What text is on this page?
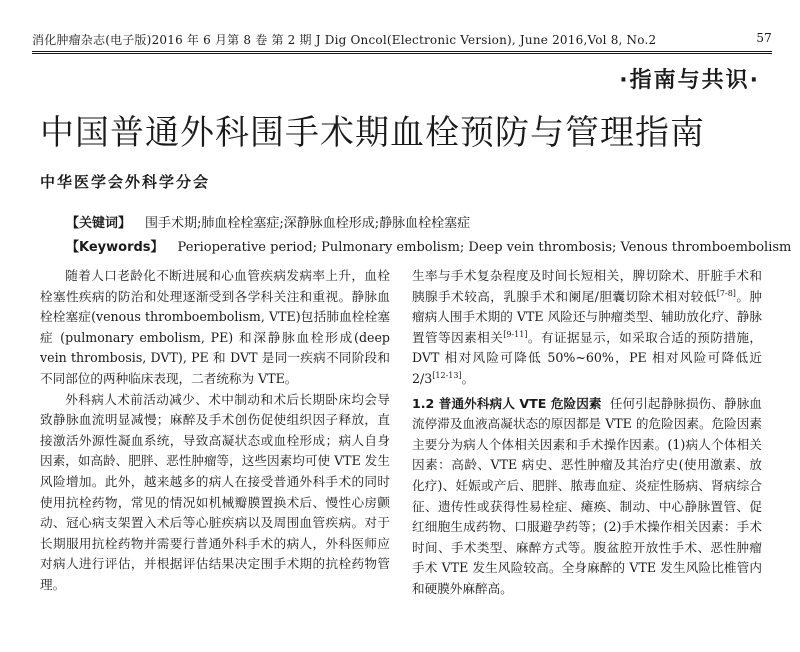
消化肿瘤杂志(电子版)2016 年 6 月第 8 卷 第 2 期 J Dig Oncol(Electronic Version), June 2016,Vol 8, No.2	57
·指南与共识·
中国普通外科围手术期血栓预防与管理指南
中华医学会外科学分会
【关键词】 围手术期;肺血栓栓塞症;深静脉血栓形成;静脉血栓栓塞症
【Keywords】 Perioperative period; Pulmonary embolism; Deep vein thrombosis; Venous thromboembolism

随着人口老龄化不断进展和心血管疾病发病率上升，血栓栓塞性疾病的防治和处理逐渐受到各学科关注和重视。静脉血栓栓塞症(venous thromboembolism, VTE)包括肺血栓栓塞症 (pulmonary embolism, PE) 和深静脉血栓形成(deep vein thrombosis, DVT), PE 和 DVT 是同一疾病不同阶段和不同部位的两种临床表现，二者统称为 VTE。

外科病人术前活动减少、术中制动和术后长期卧床均会导致静脉血流明显减慢；麻醉及手术创伤促使组织因子释放，直接激活外源性凝血系统，导致高凝状态或血栓形成；病人自身因素，如高龄、肥胖、恶性肿瘤等，这些因素均可使 VTE 发生风险增加。此外，越来越多的病人在接受普通外科手术的同时使用抗栓药物，常见的情况如机械瓣膜置换术后、慢性心房颤动、冠心病支架置入术后等心脏疾病以及周围血管疾病。对于长期服用抗栓药物并需要行普通外科手术的病人，外科医师应对病人进行评估，并根据评估结果决定围手术期的抗栓药物管理。

生率与手术复杂程度及时间长短相关，脾切除术、肝脏手术和胰腺手术较高，乳腺手术和阑尾/胆囊切除术相对较低[7-8]。肿瘤病人围手术期的 VTE 风险还与肿瘤类型、辅助放化疗、静脉置管等因素相关[9-11]。有证据显示，如采取合适的预防措施，DVT 相对风险可降低 50%~60%，PE 相对风险可降低近 2/3[12-13]。

1.2 普通外科病人 VTE 危险因素 任何引起静脉损伤、静脉血流停滞及血液高凝状态的原因都是 VTE 的危险因素。危险因素主要分为病人个体相关因素和手术操作因素。(1)病人个体相关因素：高龄、VTE 病史、恶性肿瘤及其治疗史(使用激素、放化疗)、妊娠或产后、肥胖、脓毒血症、炎症性肠病、肾病综合征、遗传性或获得性易栓症、瘫痪、制动、中心静脉置管、促红细胞生成药物、口服避孕药等；(2)手术操作相关因素：手术时间、手术类型、麻醉方式等。腹盆腔开放性手术、恶性肿瘤手术 VTE 发生风险较高。全身麻醉的 VTE 发生风险比椎管内和硬膜外麻醉高。
